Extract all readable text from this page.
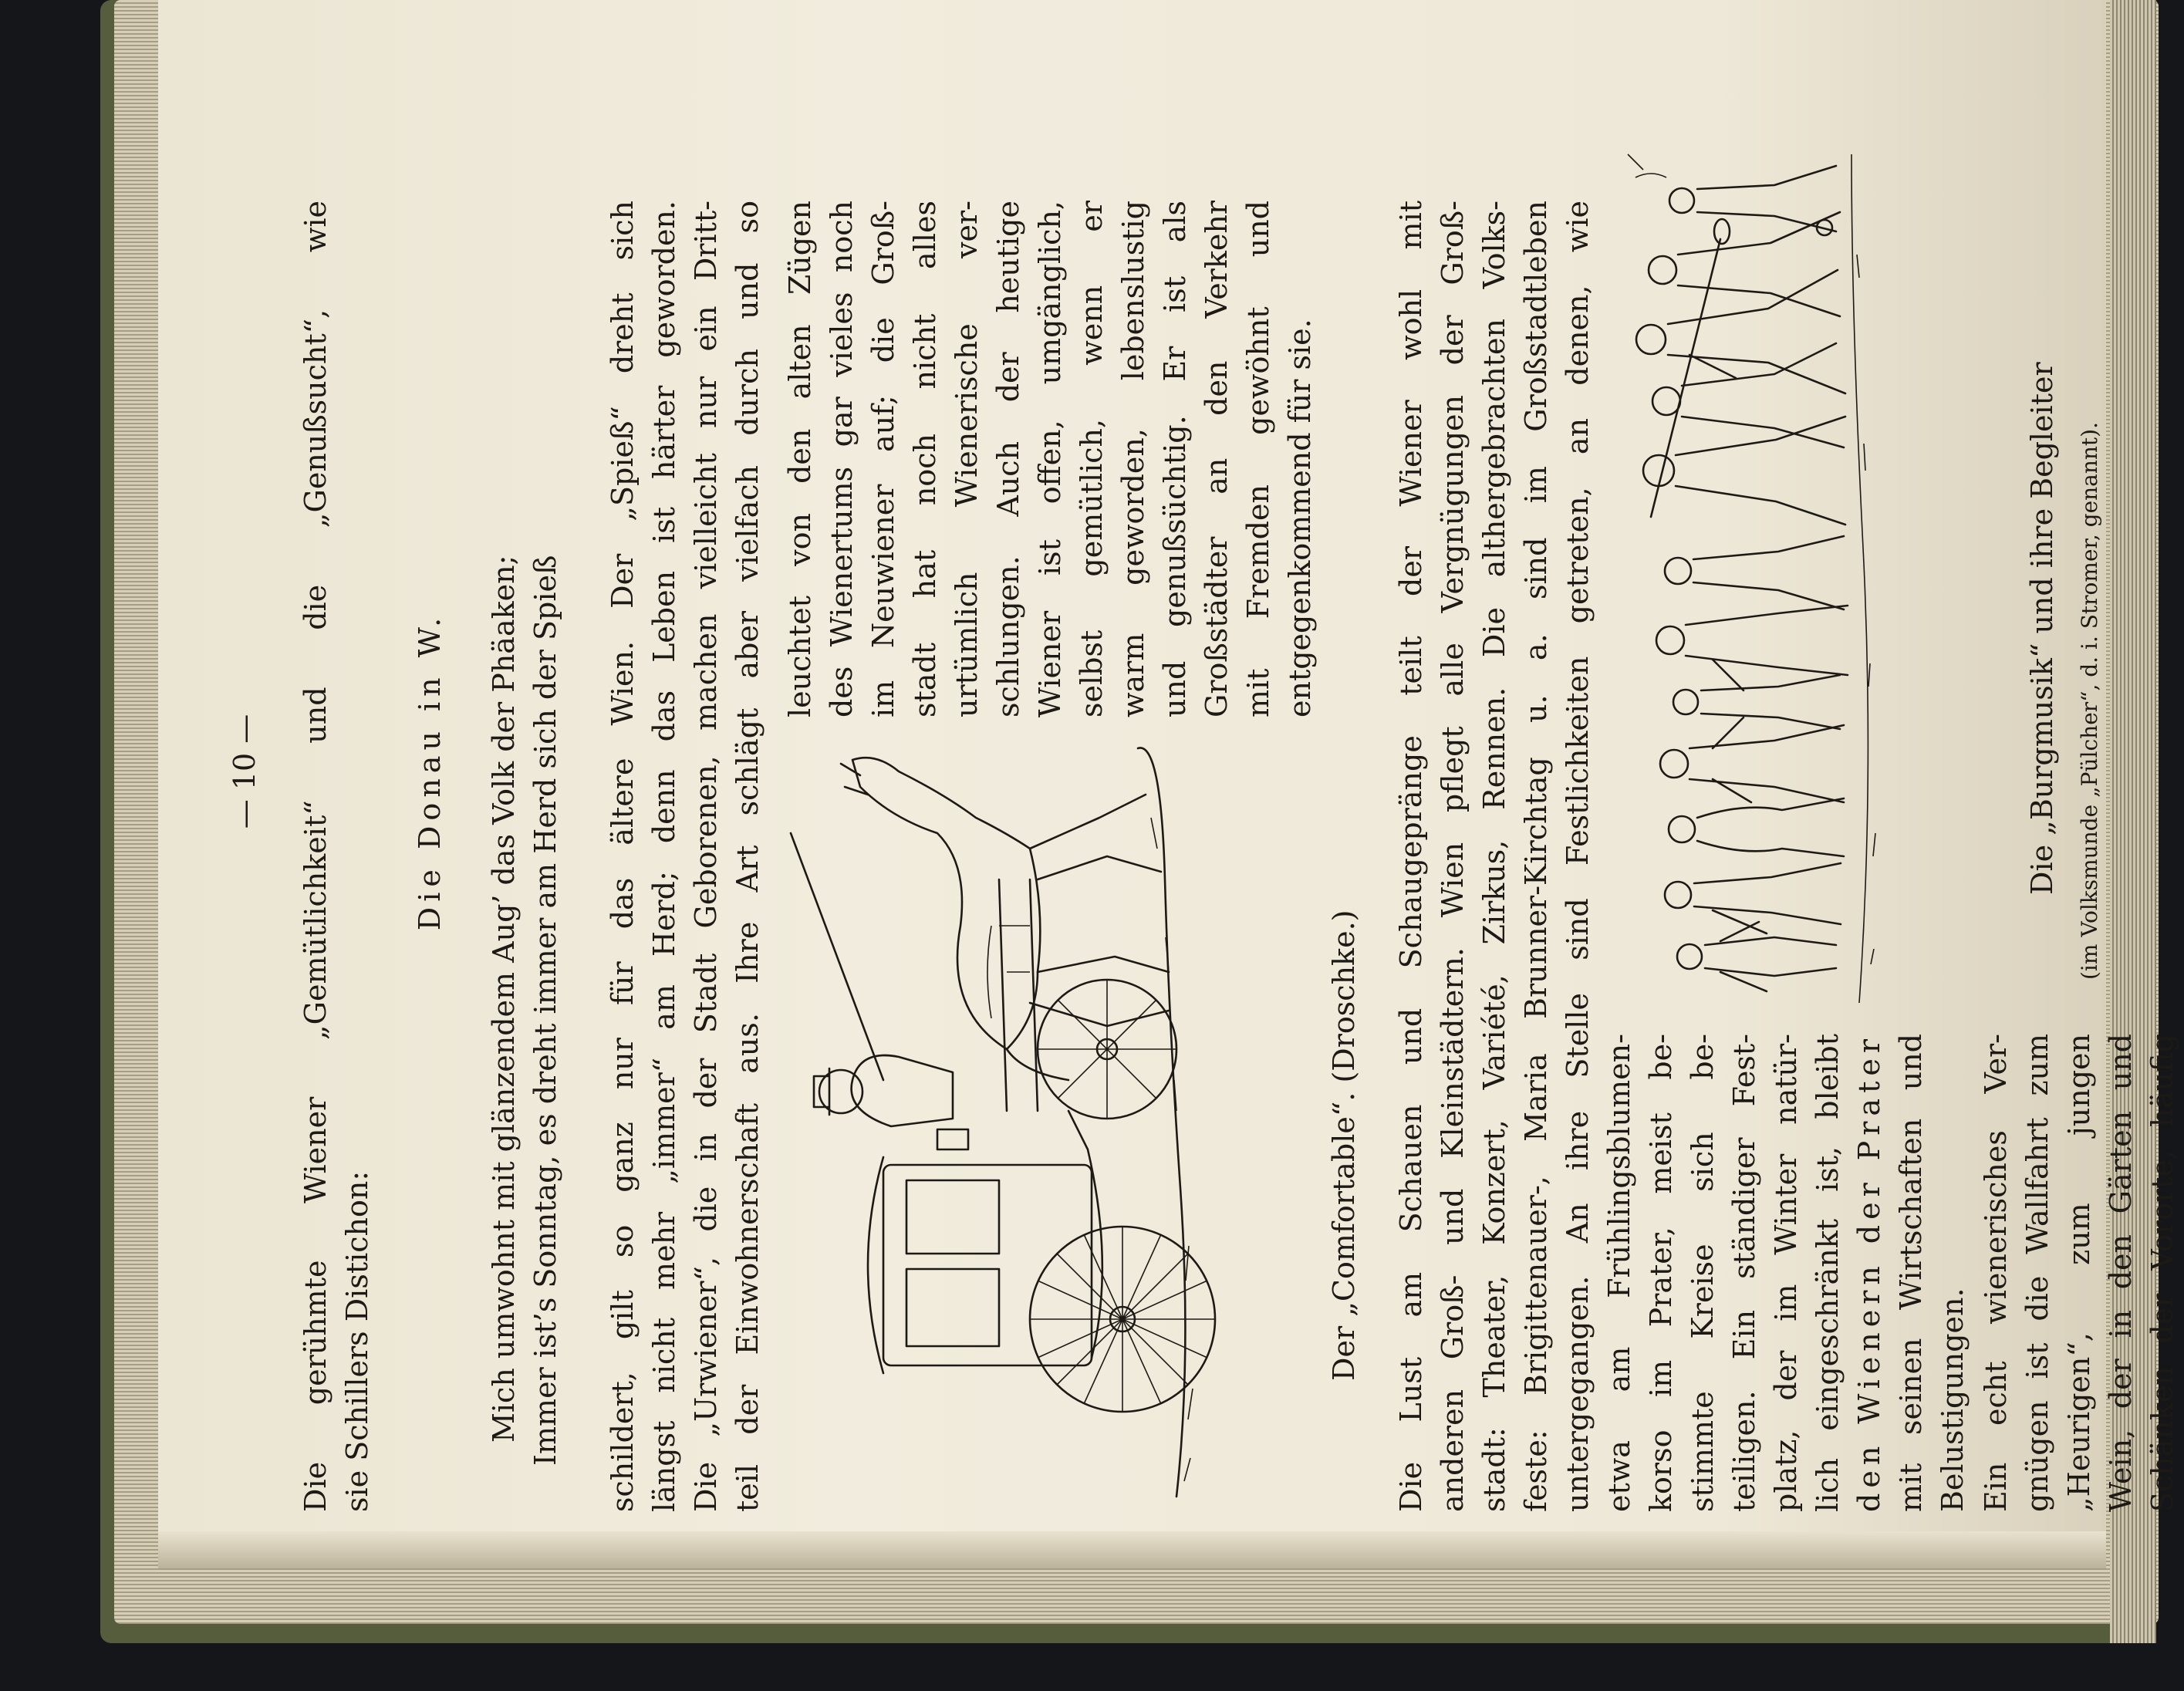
— 10 — Die gerühmte Wiener „Gemütlichkeit“ und die „Genußsucht“, wie sie Schillers Distichon:
Die Donau in W. Mich umwohnt mit glänzendem Aug’ das Volk der Phäaken; Immer ist’s Sonntag, es dreht immer am Herd sich der Spieß schildert, gilt so ganz nur für das ältere Wien. Der „Spieß“ dreht sich längst nicht mehr „immer“ am Herd; denn das Leben ist härter geworden. Die „Urwiener“, die in der Stadt Geborenen, machen vielleicht nur ein Dritt- teil der Einwohnerschaft aus. Ihre Art schlägt aber vielfach durch und so leuchtet von den alten Zügen des Wienertums gar vieles noch im Neuwiener auf; die Groß- stadt hat noch nicht alles urtümlich Wienerische ver- schlungen. Auch der heutige Wiener ist offen, umgänglich, selbst gemütlich, wenn er warm geworden, lebenslustig und genußsüchtig. Er ist als Großstädter an den Verkehr mit Fremden gewöhnt und entgegenkommend für sie.
Der „Comfortable“. (Droschke.) Die Lust am Schauen und Schaugepränge teilt der Wiener wohl mit anderen Groß- und Kleinstädtern. Wien pflegt alle Vergnügungen der Groß- stadt: Theater, Konzert, Variété, Zirkus, Rennen. Die althergebrachten Volks- feste: Brigittenauer-, Maria Brunner-Kirchtag u. a. sind im Großstadtleben untergegangen. An ihre Stelle sind Festlichkeiten getreten, an denen, wie etwa am Frühlingsblumen- korso im Prater, meist be- stimmte Kreise sich be- teiligen. Ein ständiger Fest- platz, der im Winter natür- lich eingeschränkt ist, bleibt den Wienern der Prater mit seinen Wirtschaften und Belustigungen. Ein echt wienerisches Ver- gnügen ist die Wallfahrt zum „Heurigen“, zum jungen Wein, der in den Gärten und Schänken der Vororte, häufig
Die „Burgmusik“ und ihre Begleiter (im Volksmunde „Pülcher“, d. i. Stromer, genannt).
